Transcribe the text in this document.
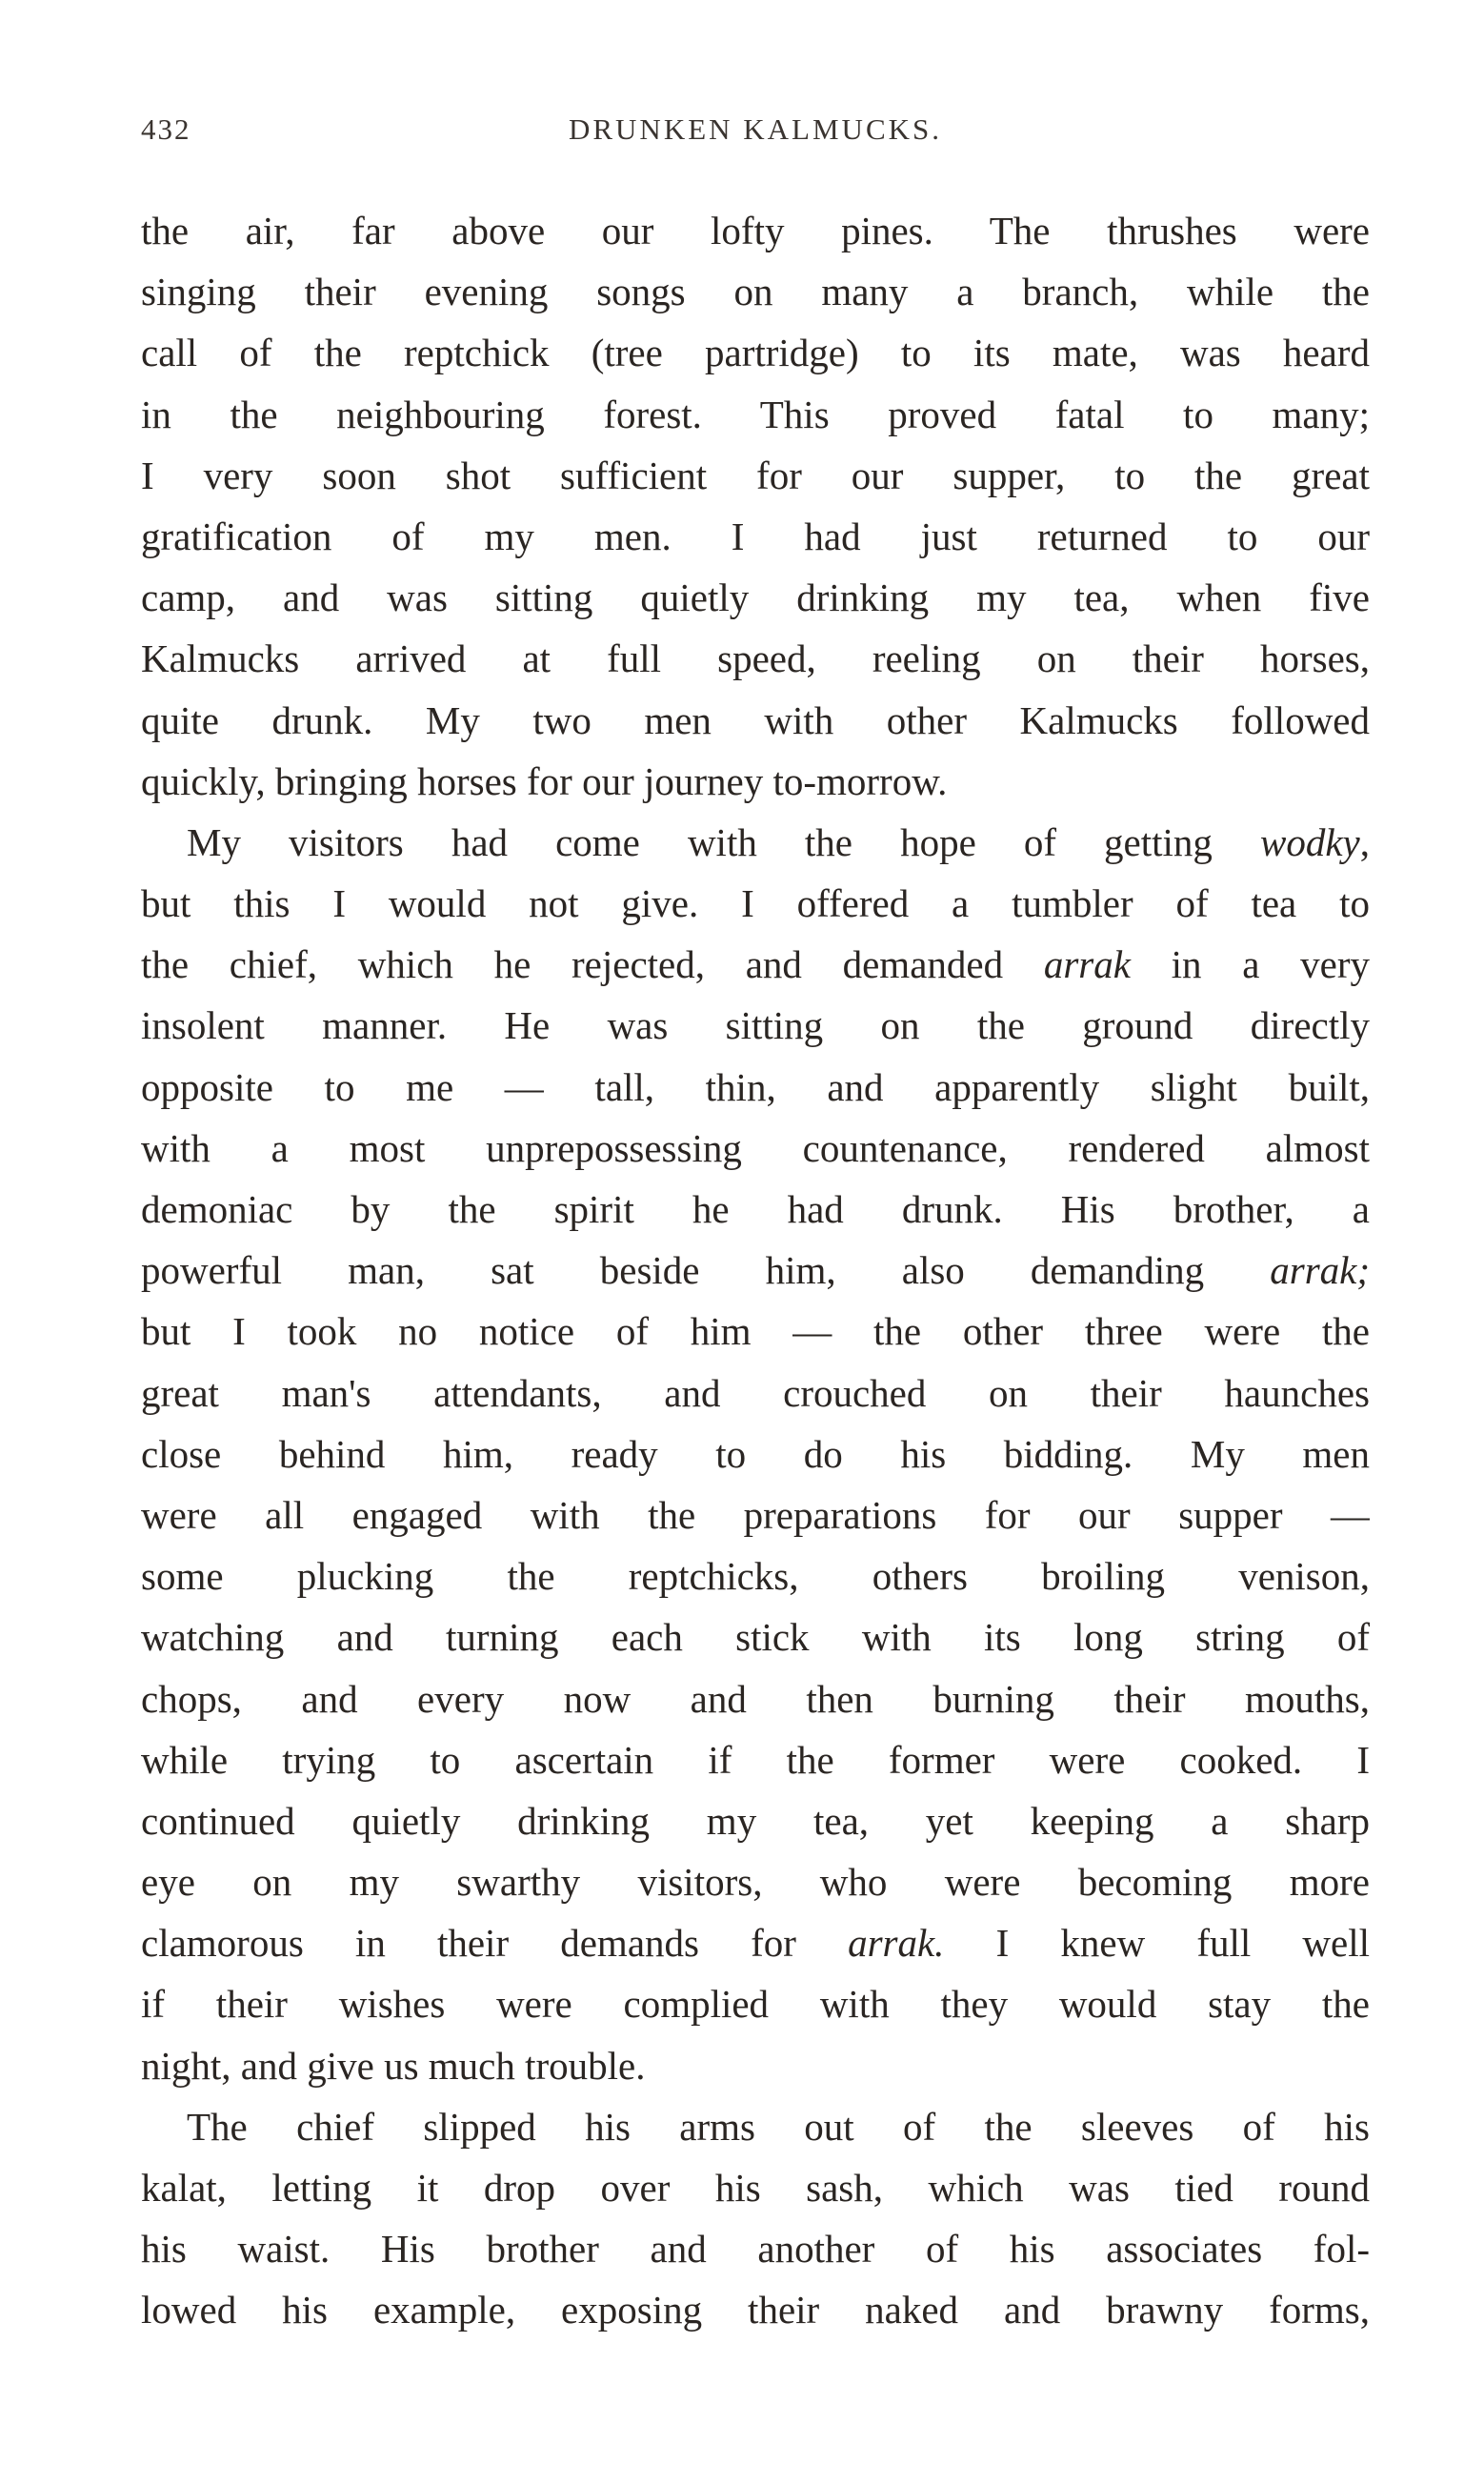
432	DRUNKEN KALMUCKS.
the air, far above our lofty pines. The thrushes were
singing their evening songs on many a branch, while the
call of the reptchick (tree partridge) to its mate, was heard
in the neighbouring forest. This proved fatal to many;
I very soon shot sufficient for our supper, to the great
gratification of my men. I had just returned to our
camp, and was sitting quietly drinking my tea, when five
Kalmucks arrived at full speed, reeling on their horses,
quite drunk. My two men with other Kalmucks followed
quickly, bringing horses for our journey to-morrow.
My visitors had come with the hope of getting wodky,
but this I would not give. I offered a tumbler of tea to
the chief, which he rejected, and demanded arrak in a very
insolent manner. He was sitting on the ground directly
opposite to me — tall, thin, and apparently slight built,
with a most unprepossessing countenance, rendered almost
demoniac by the spirit he had drunk. His brother, a
powerful man, sat beside him, also demanding arrak;
but I took no notice of him — the other three were the
great man's attendants, and crouched on their haunches
close behind him, ready to do his bidding. My men
were all engaged with the preparations for our supper —
some plucking the reptchicks, others broiling venison,
watching and turning each stick with its long string of
chops, and every now and then burning their mouths,
while trying to ascertain if the former were cooked. I
continued quietly drinking my tea, yet keeping a sharp
eye on my swarthy visitors, who were becoming more
clamorous in their demands for arrak. I knew full well
if their wishes were complied with they would stay the
night, and give us much trouble.
The chief slipped his arms out of the sleeves of his
kalat, letting it drop over his sash, which was tied round
his waist. His brother and another of his associates fol-
lowed his example, exposing their naked and brawny forms,
